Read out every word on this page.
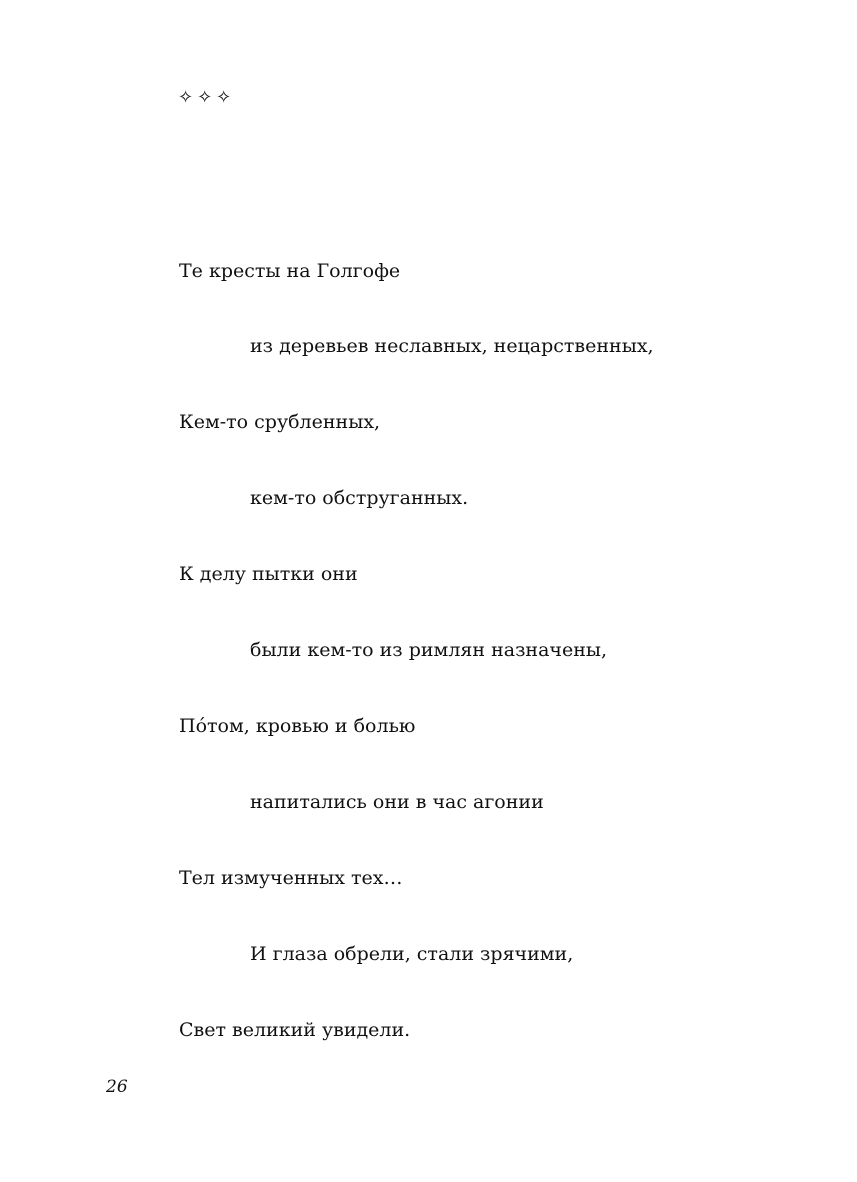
✧✧✧

Те кресты на Голгофе

из деревьев неславных, нецарственных,

Кем-то срубленных,

кем-то обструганных.

К делу пытки они

были кем-то из римлян назначены,

По́том, кровью и болью

напитались они в час агонии

Тел измученных тех…

И глаза обрели, стали зрячими,

Свет великий увидели.

26
